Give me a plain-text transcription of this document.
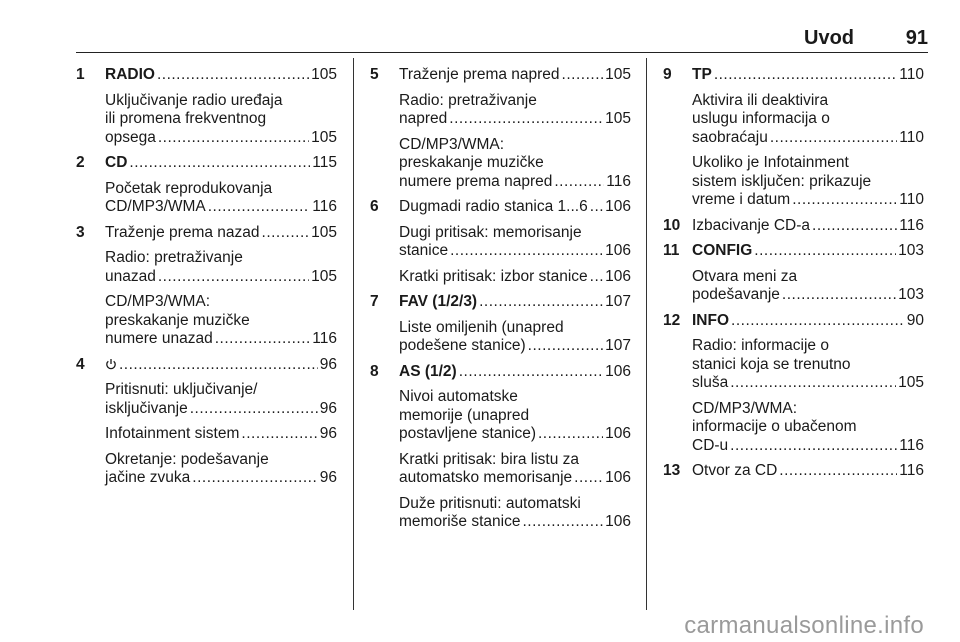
Uvod	91
1 RADIO .....	105
Uključivanje radio uređaja
ili promena frekventnog
opsega .....	105
2 CD .....	115
Početak reprodukovanja
CD/MP3/WMA .....	116
3 Traženje prema nazad .....	105
Radio: pretraživanje
unazad .....	105
CD/MP3/WMA:
preskakanje muzičke
numere unazad .....	116
4 .....	96
Pritisnuti: uključivanje/
isključivanje .....	96
Infotainment sistem .....	96
Okretanje: podešavanje
jačine zvuka .....	96
5 Traženje prema napred .....	105
Radio: pretraživanje
napred .....	105
CD/MP3/WMA:
preskakanje muzičke
numere prema napred .....	116
6 Dugmadi radio stanica 1...6 ..... 106
Dugi pritisak: memorisanje
stanice .....	106
Kratki pritisak: izbor stanice ..... 106
7 FAV (1/2/3) .....	107
Liste omiljenih (unapred
podešene stanice) .....	107
8 AS (1/2) .....	106
Nivoi automatske
memorije (unapred
postavljene stanice) .....	106
Kratki pritisak: bira listu za
automatsko memorisanje ..... 106
Duže pritisnuti: automatski
memoriše stanice .....	106
9 TP .....	110
Aktivira ili deaktivira
uslugu informacija o
saobraćaju .....	110
Ukoliko je Infotainment
sistem isključen: prikazuje
vreme i datum .....	110
10 Izbacivanje CD-a .....	116
11 CONFIG .....	103
Otvara meni za
podešavanje .....	103
12 INFO .....	90
Radio: informacije o
stanici koja se trenutno
sluša .....	105
CD/MP3/WMA:
informacije o ubačenom
CD-u .....	116
13 Otvor za CD .....	116
carmanualsonline.info
